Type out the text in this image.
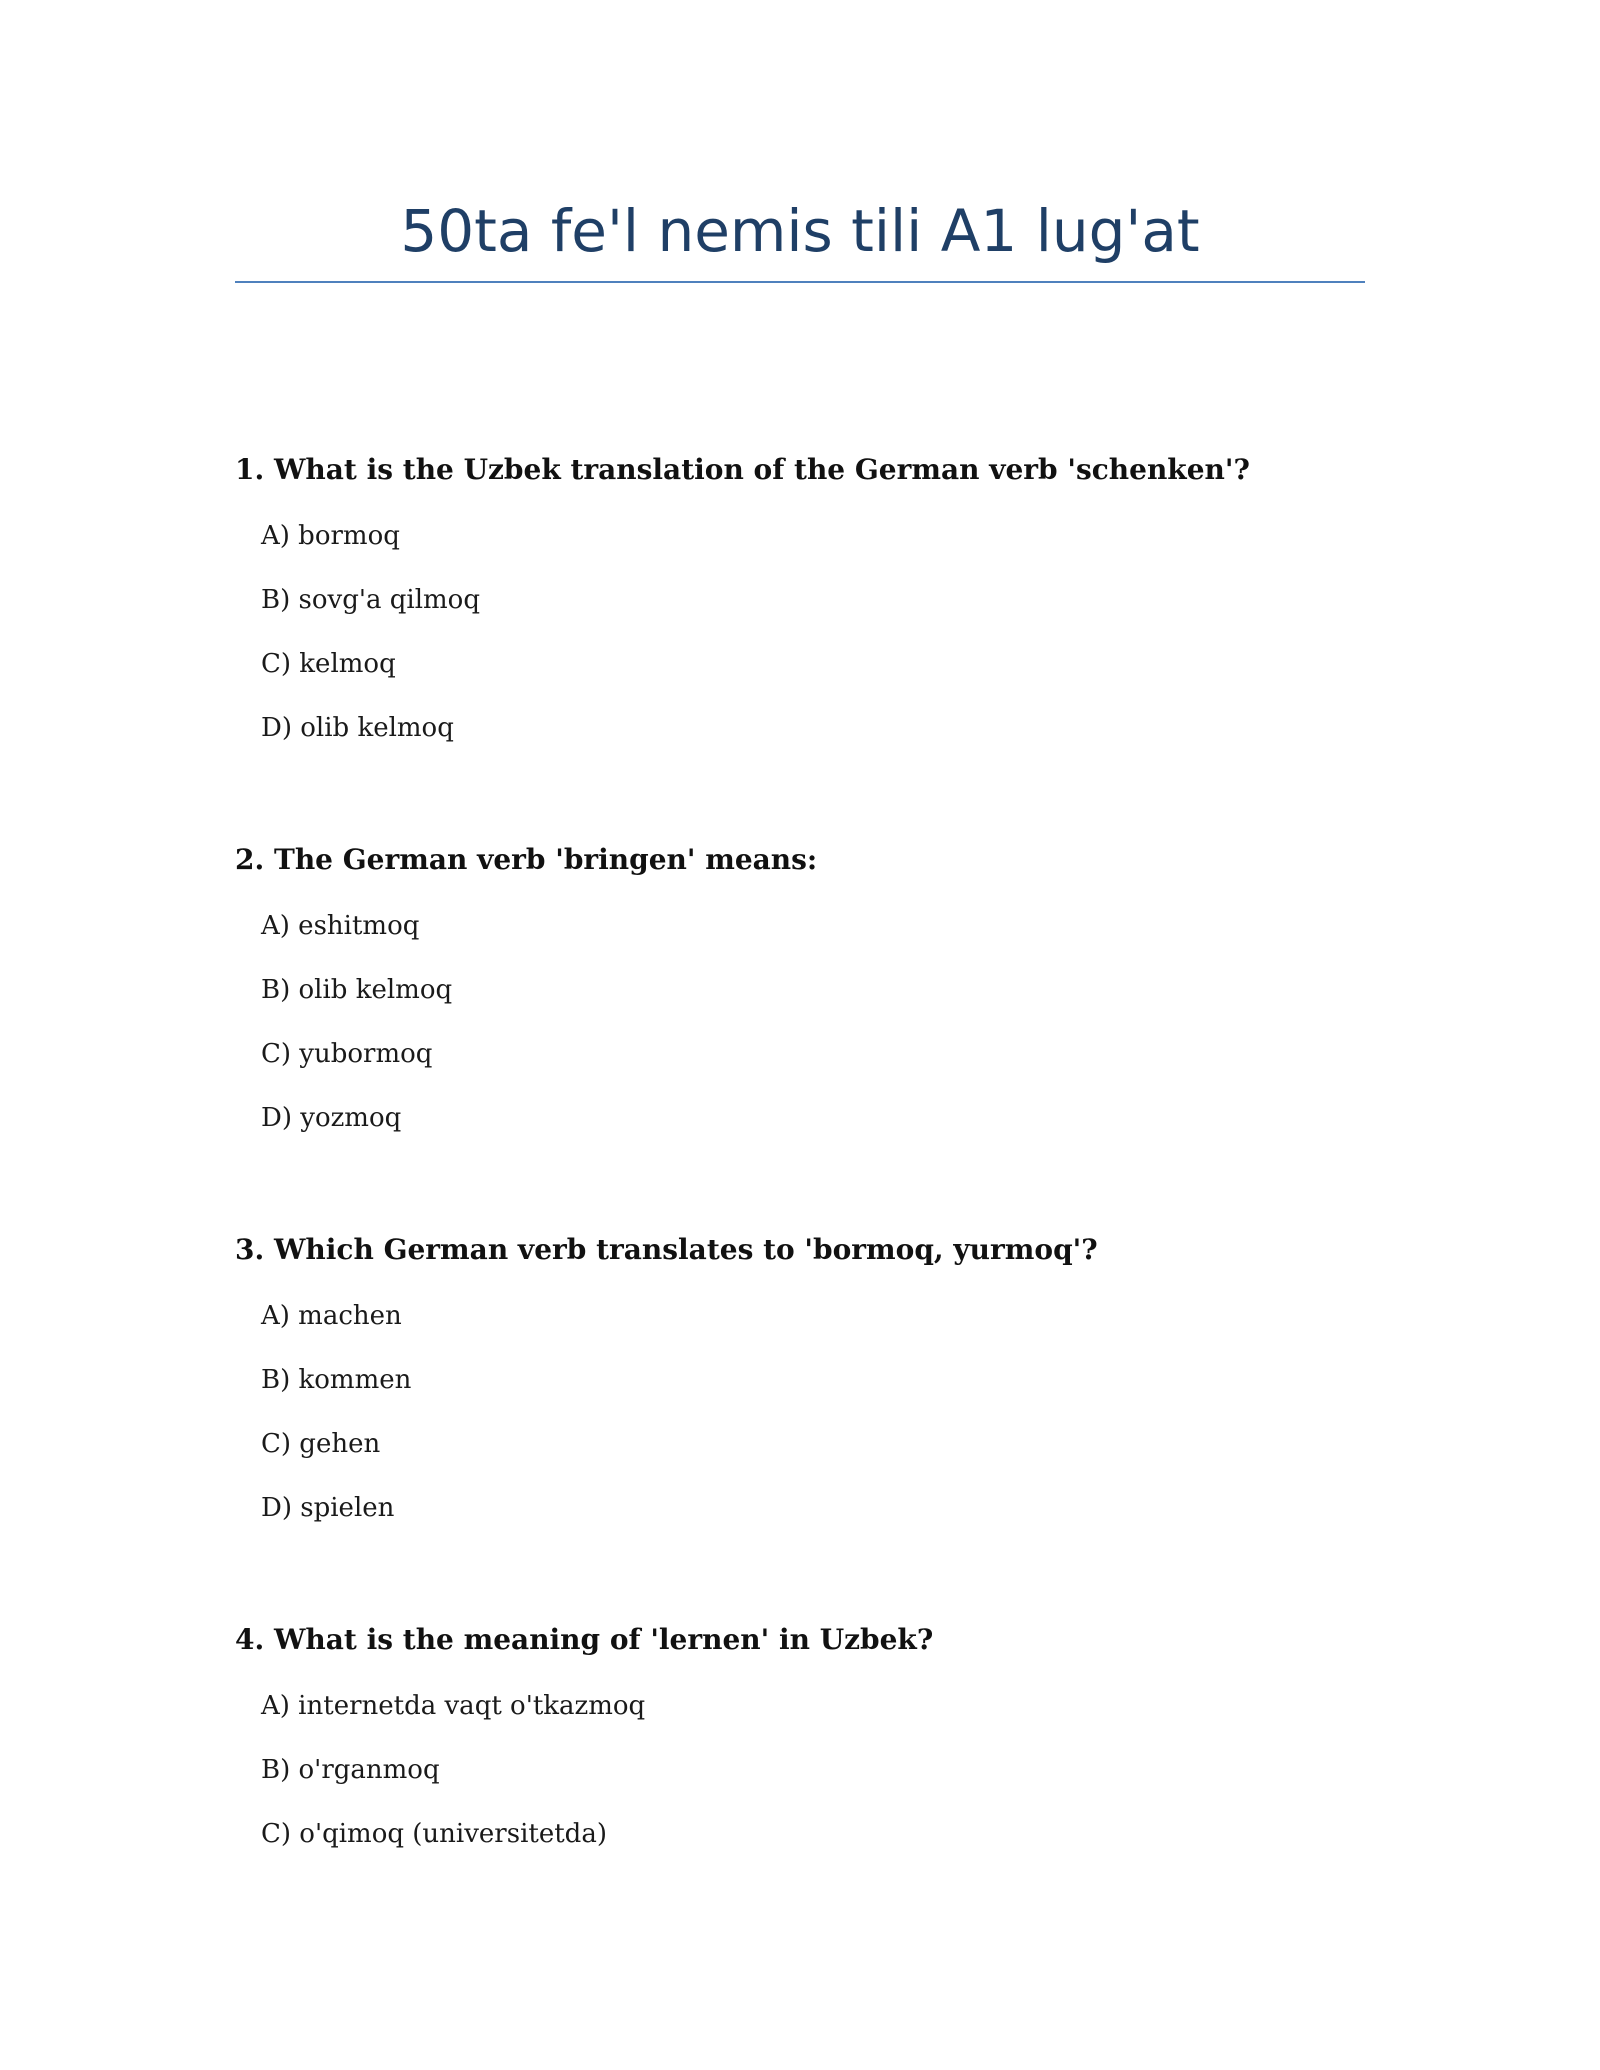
50ta fe'l nemis tili A1 lug'at
1. What is the Uzbek translation of the German verb 'schenken'?
A) bormoq
B) sovg'a qilmoq
C) kelmoq
D) olib kelmoq
2. The German verb 'bringen' means:
A) eshitmoq
B) olib kelmoq
C) yubormoq
D) yozmoq
3. Which German verb translates to 'bormoq, yurmoq'?
A) machen
B) kommen
C) gehen
D) spielen
4. What is the meaning of 'lernen' in Uzbek?
A) internetda vaqt o'tkazmoq
B) o'rganmoq
C) o'qimoq (universitetda)
